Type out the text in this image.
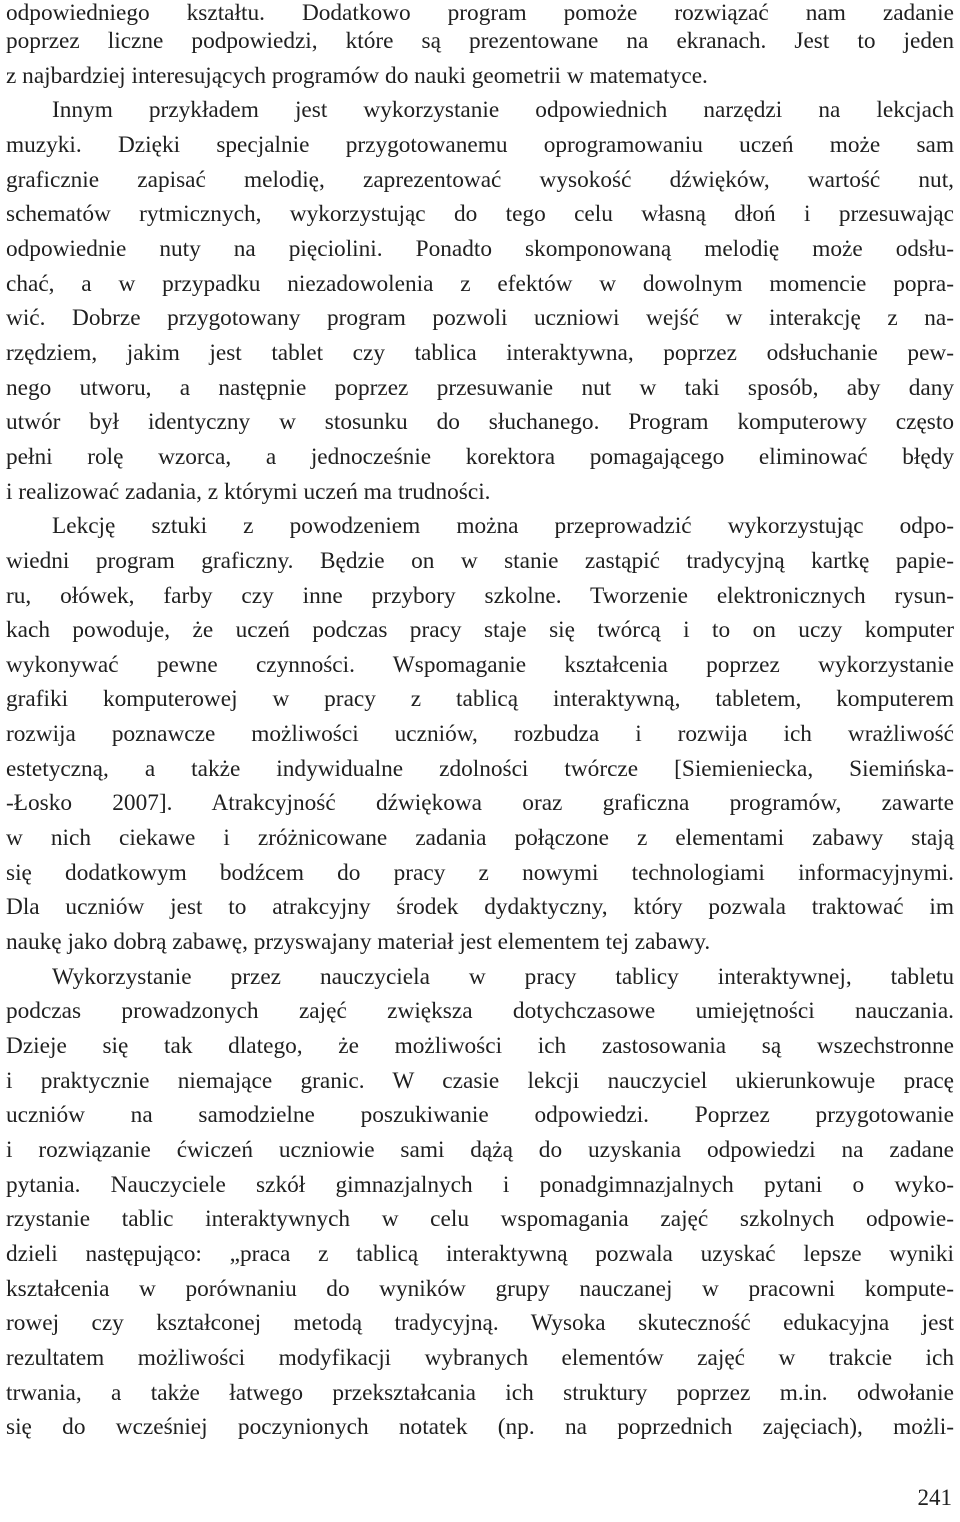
odpowiedniego kształtu. Dodatkowo program pomoże rozwiązać nam zadanie
poprzez liczne podpowiedzi, które są prezentowane na ekranach. Jest to jeden
z najbardziej interesujących programów do nauki geometrii w matematyce.
Innym przykładem jest wykorzystanie odpowiednich narzędzi na lekcjach
muzyki. Dzięki specjalnie przygotowanemu oprogramowaniu uczeń może sam
graficznie zapisać melodię, zaprezentować wysokość dźwięków, wartość nut,
schematów rytmicznych, wykorzystując do tego celu własną dłoń i przesuwając
odpowiednie nuty na pięciolini. Ponadto skomponowaną melodię może odsłu-
chać, a w przypadku niezadowolenia z efektów w dowolnym momencie popra-
wić. Dobrze przygotowany program pozwoli uczniowi wejść w interakcję z na-
rzędziem, jakim jest tablet czy tablica interaktywna, poprzez odsłuchanie pew-
nego utworu, a następnie poprzez przesuwanie nut w taki sposób, aby dany
utwór był identyczny w stosunku do słuchanego. Program komputerowy często
pełni rolę wzorca, a jednocześnie korektora pomagającego eliminować błędy
i realizować zadania, z którymi uczeń ma trudności.
Lekcję sztuki z powodzeniem można przeprowadzić wykorzystując odpo-
wiedni program graficzny. Będzie on w stanie zastąpić tradycyjną kartkę papie-
ru, ołówek, farby czy inne przybory szkolne. Tworzenie elektronicznych rysun-
kach powoduje, że uczeń podczas pracy staje się twórcą i to on uczy komputer
wykonywać pewne czynności. Wspomaganie kształcenia poprzez wykorzystanie
grafiki komputerowej w pracy z tablicą interaktywną, tabletem, komputerem
rozwija poznawcze możliwości uczniów, rozbudza i rozwija ich wrażliwość
estetyczną, a także indywidualne zdolności twórcze [Siemieniecka, Siemińska-
-Łosko 2007]. Atrakcyjność dźwiękowa oraz graficzna programów, zawarte
w nich ciekawe i zróżnicowane zadania połączone z elementami zabawy stają
się dodatkowym bodźcem do pracy z nowymi technologiami informacyjnymi.
Dla uczniów jest to atrakcyjny środek dydaktyczny, który pozwala traktować im
naukę jako dobrą zabawę, przyswajany materiał jest elementem tej zabawy.
Wykorzystanie przez nauczyciela w pracy tablicy interaktywnej, tabletu
podczas prowadzonych zajęć zwiększa dotychczasowe umiejętności nauczania.
Dzieje się tak dlatego, że możliwości ich zastosowania są wszechstronne
i praktycznie niemające granic. W czasie lekcji nauczyciel ukierunkowuje pracę
uczniów na samodzielne poszukiwanie odpowiedzi. Poprzez przygotowanie
i rozwiązanie ćwiczeń uczniowie sami dążą do uzyskania odpowiedzi na zadane
pytania. Nauczyciele szkół gimnazjalnych i ponadgimnazjalnych pytani o wyko-
rzystanie tablic interaktywnych w celu wspomagania zajęć szkolnych odpowie-
dzieli następująco: „praca z tablicą interaktywną pozwala uzyskać lepsze wyniki
kształcenia w porównaniu do wyników grupy nauczanej w pracowni kompute-
rowej czy kształconej metodą tradycyjną. Wysoka skuteczność edukacyjna jest
rezultatem możliwości modyfikacji wybranych elementów zajęć w trakcie ich
trwania, a także łatwego przekształcania ich struktury poprzez m.in. odwołanie
się do wcześniej poczynionych notatek (np. na poprzednich zajęciach), możli-
241
